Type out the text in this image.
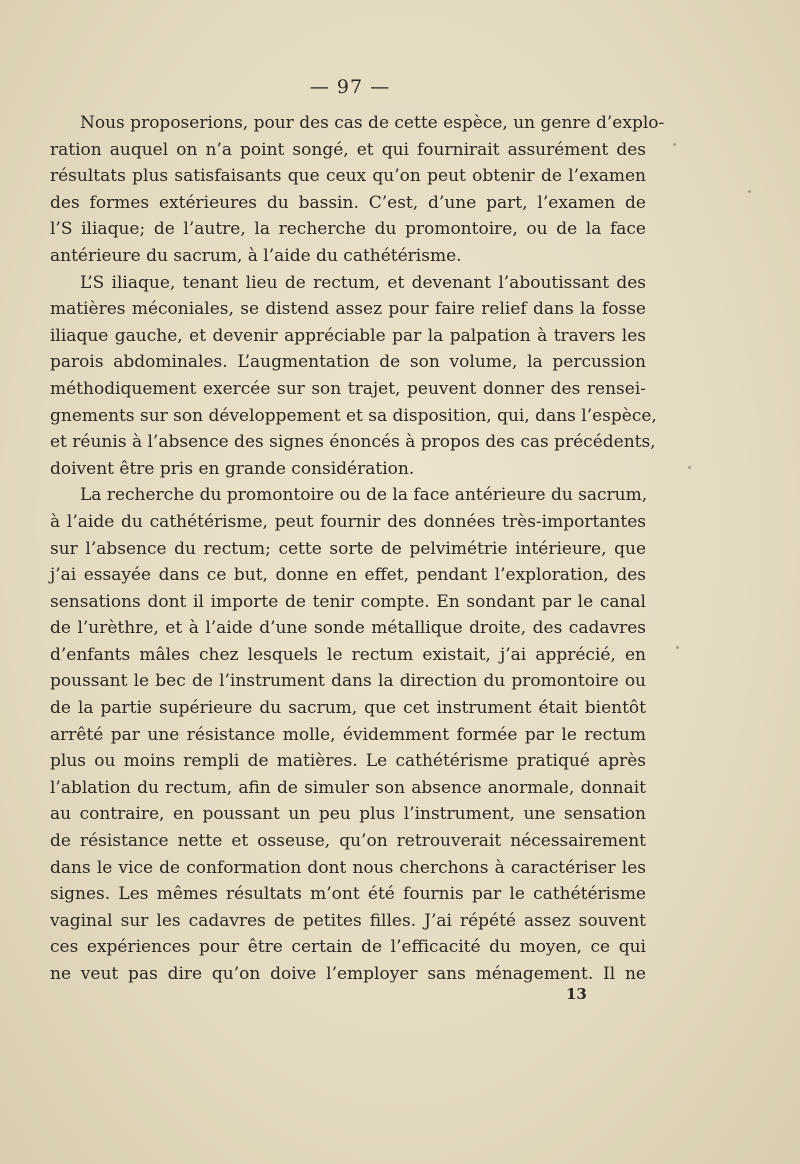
— 97 —
Nous proposerions, pour des cas de cette espèce, un genre d’explo-
ration auquel on n’a point songé, et qui fournirait assurément des
résultats plus satisfaisants que ceux qu’on peut obtenir de l’examen
des formes extérieures du bassin. C’est, d’une part, l’examen de
l’S iliaque; de l’autre, la recherche du promontoire, ou de la face
antérieure du sacrum, à l’aide du cathétérisme.
L’S iliaque, tenant lieu de rectum, et devenant l’aboutissant des
matières méconiales, se distend assez pour faire relief dans la fosse
iliaque gauche, et devenir appréciable par la palpation à travers les
parois abdominales. L’augmentation de son volume, la percussion
méthodiquement exercée sur son trajet, peuvent donner des rensei-
gnements sur son développement et sa disposition, qui, dans l’espèce,
et réunis à l’absence des signes énoncés à propos des cas précédents,
doivent être pris en grande considération.
La recherche du promontoire ou de la face antérieure du sacrum,
à l’aide du cathétérisme, peut fournir des données très-importantes
sur l’absence du rectum; cette sorte de pelvimétrie intérieure, que
j’ai essayée dans ce but, donne en effet, pendant l’exploration, des
sensations dont il importe de tenir compte. En sondant par le canal
de l’urèthre, et à l’aide d’une sonde métallique droite, des cadavres
d’enfants mâles chez lesquels le rectum existait, j’ai apprécié, en
poussant le bec de l’instrument dans la direction du promontoire ou
de la partie supérieure du sacrum, que cet instrument était bientôt
arrêté par une résistance molle, évidemment formée par le rectum
plus ou moins rempli de matières. Le cathétérisme pratiqué après
l’ablation du rectum, afin de simuler son absence anormale, donnait
au contraire, en poussant un peu plus l’instrument, une sensation
de résistance nette et osseuse, qu’on retrouverait nécessairement
dans le vice de conformation dont nous cherchons à caractériser les
signes. Les mêmes résultats m’ont été fournis par le cathétérisme
vaginal sur les cadavres de petites filles. J’ai répété assez souvent
ces expériences pour être certain de l’efficacité du moyen, ce qui
ne veut pas dire qu’on doive l’employer sans ménagement. Il ne
13
